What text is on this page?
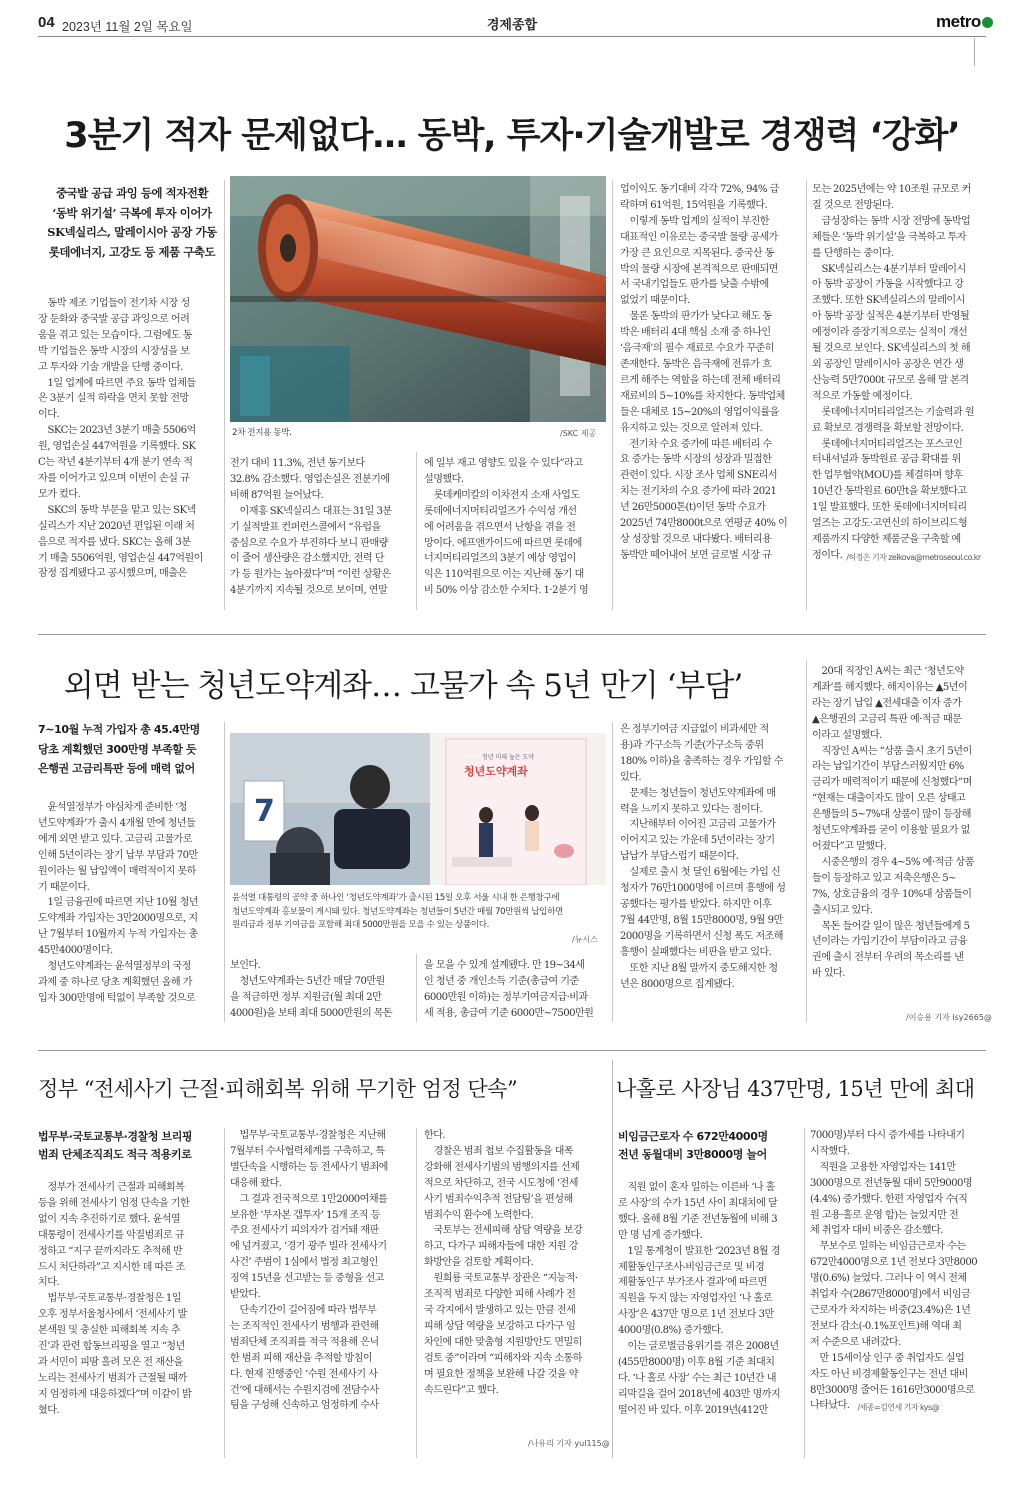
04 2023년 11월 2일 목요일	경제종합	metro
3분기 적자 문제없다… 동박, 투자·기술개발로 경쟁력 ‘강화’
중국발 공급 과잉 등에 적자전환
‘동박 위기설’ 극복에 투자 이어가
SK넥실리스, 말레이시아 공장 가동
롯데에너지, 고강도 등 제품 구축도
2차 전지용 동박.	/SKC 제공

　동박 제조 기업들이 전기차 시장 성

장 둔화와 중국발 공급 과잉으로 어려

움을 겪고 있는 모습이다. 그럼에도 동

박 기업들은 동박 시장의 시장성을 보

고 투자와 기술 개발을 단행 중이다.

　1일 업계에 따르면 주요 동박 업체들

은 3분기 실적 하락을 면치 못할 전망

이다.

　SKC는 2023년 3분기 매출 5506억

원, 영업손실 447억원을 기록했다. SK

C는 작년 4분기부터 4개 분기 연속 적

자를 이어가고 있으며 이번이 손실 규

모가 컸다.

　SKC의 동박 부문을 맡고 있는 SK넥

실리스가 지난 2020년 편입된 이래 처

음으로 적자를 냈다. SKC는 올해 3분

기 매출 5506억원, 영업손실 447억원이

잠정 집계됐다고 공시했으며, 매출은

전기 대비 11.3%, 전년 동기보다

32.8% 감소했다. 영업손실은 전분기에

비해 87억원 늘어났다.

　이재홍 SK넥실리스 대표는 31일 3분

기 실적발표 컨퍼런스콜에서 “유럽을

중심으로 수요가 부진하다 보니 판매량

이 줄어 생산량은 감소했지만, 전력 단

가 등 원가는 높아졌다”며 “이런 상황은

4분기까지 지속될 것으로 보이며, 연말

에 일부 재고 영향도 있을 수 있다”라고

설명했다.

　롯데케미칼의 이차전지 소재 사업도

롯데에너지머티리얼즈가 수익성 개선

에 어려움을 겪으면서 난항을 겪을 전

망이다. 에프앤가이드에 따르면 롯데에

너지머티리얼즈의 3분기 예상 영업이

익은 110억원으로 이는 지난해 동기 대

비 50% 이상 감소한 수치다. 1·2분기 영

업이익도 동기대비 각각 72%, 94% 급

락하며 61억원, 15억원을 기록했다.

　이렇게 동박 업계의 실적이 부진한

대표적인 이유로는 중국발 물량 공세가

가장 큰 요인으로 지목된다. 중국산 동

박의 물량 시장에 본격적으로 판매되면

서 국내기업들도 판가를 낮출 수밖에

없었기 때문이다.

　물론 동박의 판가가 낮다고 해도 동

박은 배터리 4대 핵심 소재 중 하나인

‘음극재’의 필수 재료로 수요가 꾸준히

존재한다. 동박은 음극재에 전류가 흐

르게 해주는 역할을 하는데 전체 배터리

재료비의 5~10%를 차지한다. 동박업체

들은 대체로 15~20%의 영업이익률을

유지하고 있는 것으로 알려져 있다.

　전기차 수요 증가에 따른 배터리 수

요 증가는 동박 시장의 성장과 밀접한

관련이 있다. 시장 조사 업체 SNE리서

치는 전기차의 수요 증가에 따라 2021

년 26만5000톤(t)이던 동박 수요가

2025년 74만8000t으로 연평균 40% 이

상 성장할 것으로 내다봤다. 배터리용

동박만 떼어내어 보면 글로벌 시장 규

모는 2025년에는 약 10조원 규모로 커

질 것으로 전망된다.

　급성장하는 동박 시장 전망에 동박업

체들은 ‘동박 위기설’을 극복하고 투자

를 단행하는 중이다.

　SK넥실리스는 4분기부터 말레이시

아 동박 공장이 가동을 시작했다고 강

조했다. 또한 SK넥실리스의 말레이시

아 동박 공장 실적은 4분기부터 반영될

예정이라 증장기적으로는 실적이 개선

될 것으로 보인다. SK넥실리스의 첫 해

외 공장인 말레이시아 공장은 연간 생

산능력 5만7000t 규모로 올해 말 본격

적으로 가동할 예정이다.

　롯데에너지머티리얼즈는 기술력과 원

료 확보로 경쟁력을 확보할 전망이다.

　롯데에너지머티리얼즈는 포스코인

터내셔널과 동박원료 공급 확대를 위

한 업무협약(MOU)를 체결하며 향후

10년간 동박원료 60만t을 확보했다고

1일 발표했다. 또한 롯데에너지머티리

얼즈는 고강도·고연신의 하이브리드형

제품까지 다양한 제품군을 구축할 예

정이다. /허정은 기자 zelkova@metroseoul.co.kr

외면 받는 청년도약계좌… 고물가 속 5년 만기 ‘부담’
7~10월 누적 가입자 총 45.4만명
당초 계획했던 300만명 부족할 듯
은행권 고금리특판 등에 매력 없어
7
청년 미래 높은 도약
청년도약계좌
윤석열 대통령의 공약 중 하나인 ‘청년도약계좌’가 출시된 15일 오후 서울 시내 한 은행창구에
청년도약계좌 홍보물이 게시돼 있다. 청년도약계좌는 청년들이 5년간 매월 70만원씩 납입하면
원리금과 정부 기여금을 포함해 최대 5000만원을 모을 수 있는 상품이다.
/뉴시스

　윤석열정부가 야심차게 준비한 ‘청

년도약계좌’가 출시 4개월 만에 청년들

에게 외면 받고 있다. 고금리 고물가로

인해 5년이라는 장기 납부 부담과 70만

원이라는 월 납입액이 매력적이지 못하

기 때문이다.

　1일 금융권에 따르면 지난 10월 청년

도약계좌 가입자는 3만2000명으로, 지

난 7월부터 10월까지 누적 가입자는 총

45만4000명이다.

　청년도약계좌는 윤석열정부의 국정

과제 중 하나로 당초 계획했던 올해 가

입자 300만명에 턱없이 부족할 것으로

보인다.

　청년도약계좌는 5년간 매달 70만원

을 적금하면 정부 지원금(월 최대 2만

4000원)을 보태 최대 5000만원의 목돈

을 모을 수 있게 설계됐다. 만 19~34세

인 청년 중 개인소득 기준(총급여 기준

6000만원 이하)는 정부기여금지급·비과

세 적용, 총급여 기준 6000만~7500만원

은 정부기여금 지급없이 비과세만 적

용)과 가구소득 기준(가구소득 중위

180% 이하)을 충족하는 경우 가입할 수

있다.

　문제는 청년들이 청년도약계좌에 매

력을 느끼지 못하고 있다는 점이다.

　지난해부터 이어진 고금리 고물가가

이어지고 있는 가운데 5년이라는 장기

납납가 부담스럽기 때문이다.

　실제로 출시 첫 달인 6월에는 가입 신

청자가 76만1000명에 이르며 흥행에 성

공했다는 평가를 받았다. 하지만 이후

7월 44만명, 8월 15만8000명, 9월 9만

2000명을 기록하면서 신청 폭도 저조해

흥행이 실패했다는 비판을 받고 있다.

　또한 지난 8월 말까지 중도해지한 청

년은 8000명으로 집계됐다.

　20대 직장인 A씨는 최근 ‘청년도약

계좌’를 해지했다. 해지이유는 ▲5년이

라는 장기 납입 ▲전세대출 이자 증가

▲은행권의 고금리 특판 예·적금 때문

이라고 설명했다.

　직장인 A씨는 “상품 출시 초기 5년이

라는 납입기간이 부담스러웠지만 6%

금리가 매력적이기 때문에 신청했다”며

“현재는 대출이자도 많이 오른 상태고

은행들의 5~7%대 상품이 많이 등장해

청년도약계좌를 굳이 이용할 필요가 없

어졌다”고 말했다.

　시중은행의 경우 4~5% 예·적금 상품

들이 등장하고 있고 저축은행은 5~

7%, 상호금융의 경우 10%대 상품들이

출시되고 있다.

　목돈 들어갈 일이 많은 청년들에게 5

년이라는 가입기간이 부담이라고 금융

권에 출시 전부터 우려의 목소리를 낸

바 있다.

/이승용 기자 lsy2665@
정부 “전세사기 근절·피해회복 위해 무기한 엄정 단속”
법무부·국토교통부·경찰청 브리핑
범죄 단체조직죄도 적극 적용키로

　정부가 전세사기 근절과 피해회복

등을 위해 전세사기 엄정 단속을 기한

없이 지속 추진하기로 했다. 윤석열

대통령이 전세사기를 악질범죄로 규

정하고 “지구 끝까지라도 추적해 반

드시 처단하라”고 지시한 데 따른 조

치다.

　법무부·국토교통부·경찰청은 1일

오후 정부서울청사에서 ‘전세사기 발

본색원 및 충실한 피해회복 지속 추

진’과 관련 합동브리핑을 열고 “청년

과 서민이 피땀 흘려 모은 전 재산을

노리는 전세사기 범죄가 근절될 때까

지 엄정하게 대응하겠다”며 이같이 밝

혔다.

　법무부·국토교통부·경찰청은 지난해

7월부터 수사협력체계를 구축하고, 특

별단속을 시행하는 등 전세사기 범죄에

대응해 왔다.

　그 결과 전국적으로 1만2000여채를

보유한 ‘무자본 갭투자’ 15개 조직 등

주요 전세사기 피의자가 검거돼 재판

에 넘겨졌고, ‘경기 광주 빌라 전세사기

사건’ 주범이 1심에서 법정 최고형인

징역 15년을 선고받는 등 중형을 선고

받았다.

　단속기간이 길어짐에 따라 법무부

는 조직적인 전세사기 범행과 관련해

범죄단체 조직죄를 적극 적용해 은닉

한 범죄 피해 재산을 추적할 방침이

다. 현재 진행중인 ‘수원 전세사기 사

건’에 대해서는 수원지검에 전담수사

팀을 구성해 신속하고 엄정하게 수사

한다.

　경찰은 범죄 첩보 수집활동을 대폭

강화해 전세사기범의 범행의지를 선제

적으로 차단하고, 전국 시도청에 ‘전세

사기 범죄수익추적 전담팀’을 편성해

범죄수익 환수에 노력한다.

　국토부는 전세피해 상담 역량을 보강

하고, 다가구 피해자들에 대한 지원 강

화방안을 검토할 계획이다.

　원희룡 국토교통부 장관은 “지능적·

조직적 범죄로 다양한 피해 사례가 전

국 각지에서 발생하고 있는 만큼 전세

피해 상담 역량을 보강하고 다가구 임

차인에 대한 맞춤형 지원방안도 면밀히

검토 중”이라며 “피해자와 지속 소통하

며 필요한 정책을 보완해 나갈 것을 약

속드린다”고 했다.

/나유리 기자 yul115@
나홀로 사장님 437만명, 15년 만에 최대
비임금근로자 수 672만4000명
전년 동월대비 3만8000명 늘어

　직원 없이 혼자 일하는 이른바 ‘나 홀

로 사장’의 수가 15년 사이 최대치에 달

했다. 올해 8월 기준 전년동월에 비해 3

만 명 넘게 증가했다.

　1일 통계청이 발표한 ‘2023년 8월 경

제활동인구조사-비임금근로 및 비경

제활동인구 부가조사 결과’에 따르면

직원을 두지 않는 자영업자인 ‘나 홀로

사장’은 437만 명으로 1년 전보다 3만

4000명(0.8%) 증가했다.

　이는 글로벌금융위기를 겪은 2008년

(455만8000명) 이후 8월 기준 최대치

다. ‘나 홀로 사장’ 수는 최근 10년간 내

리막길을 걸어 2018년에 403만 명까지

떨어진 바 있다. 이후 2019년(412만

7000명)부터 다시 증가세를 나타내기

시작했다.

　직원을 고용한 자영업자는 141만

3000명으로 전년동월 대비 5만9000명

(4.4%) 증가했다. 한편 자영업자 수(직

원 고용·홀로 운영 합)는 늘었지만 전

체 취업자 대비 비중은 감소했다.

　무보수로 일하는 비임금근로자 수는

672만4000명으로 1년 전보다 3만8000

명(0.6%) 늘었다. 그러나 이 역시 전체

취업자 수(2867만8000명)에서 비임금

근로자가 차지하는 비중(23.4%)은 1년

전보다 감소(-0.1%포인트)해 역대 최

저 수준으로 내려갔다.

　만 15세이상 인구 중 취업자도 실업

자도 아닌 비경제활동인구는 전년 대비

8만3000명 줄어든 1616만3000명으로

나타났다. /세종=김연세 기자 kys@
